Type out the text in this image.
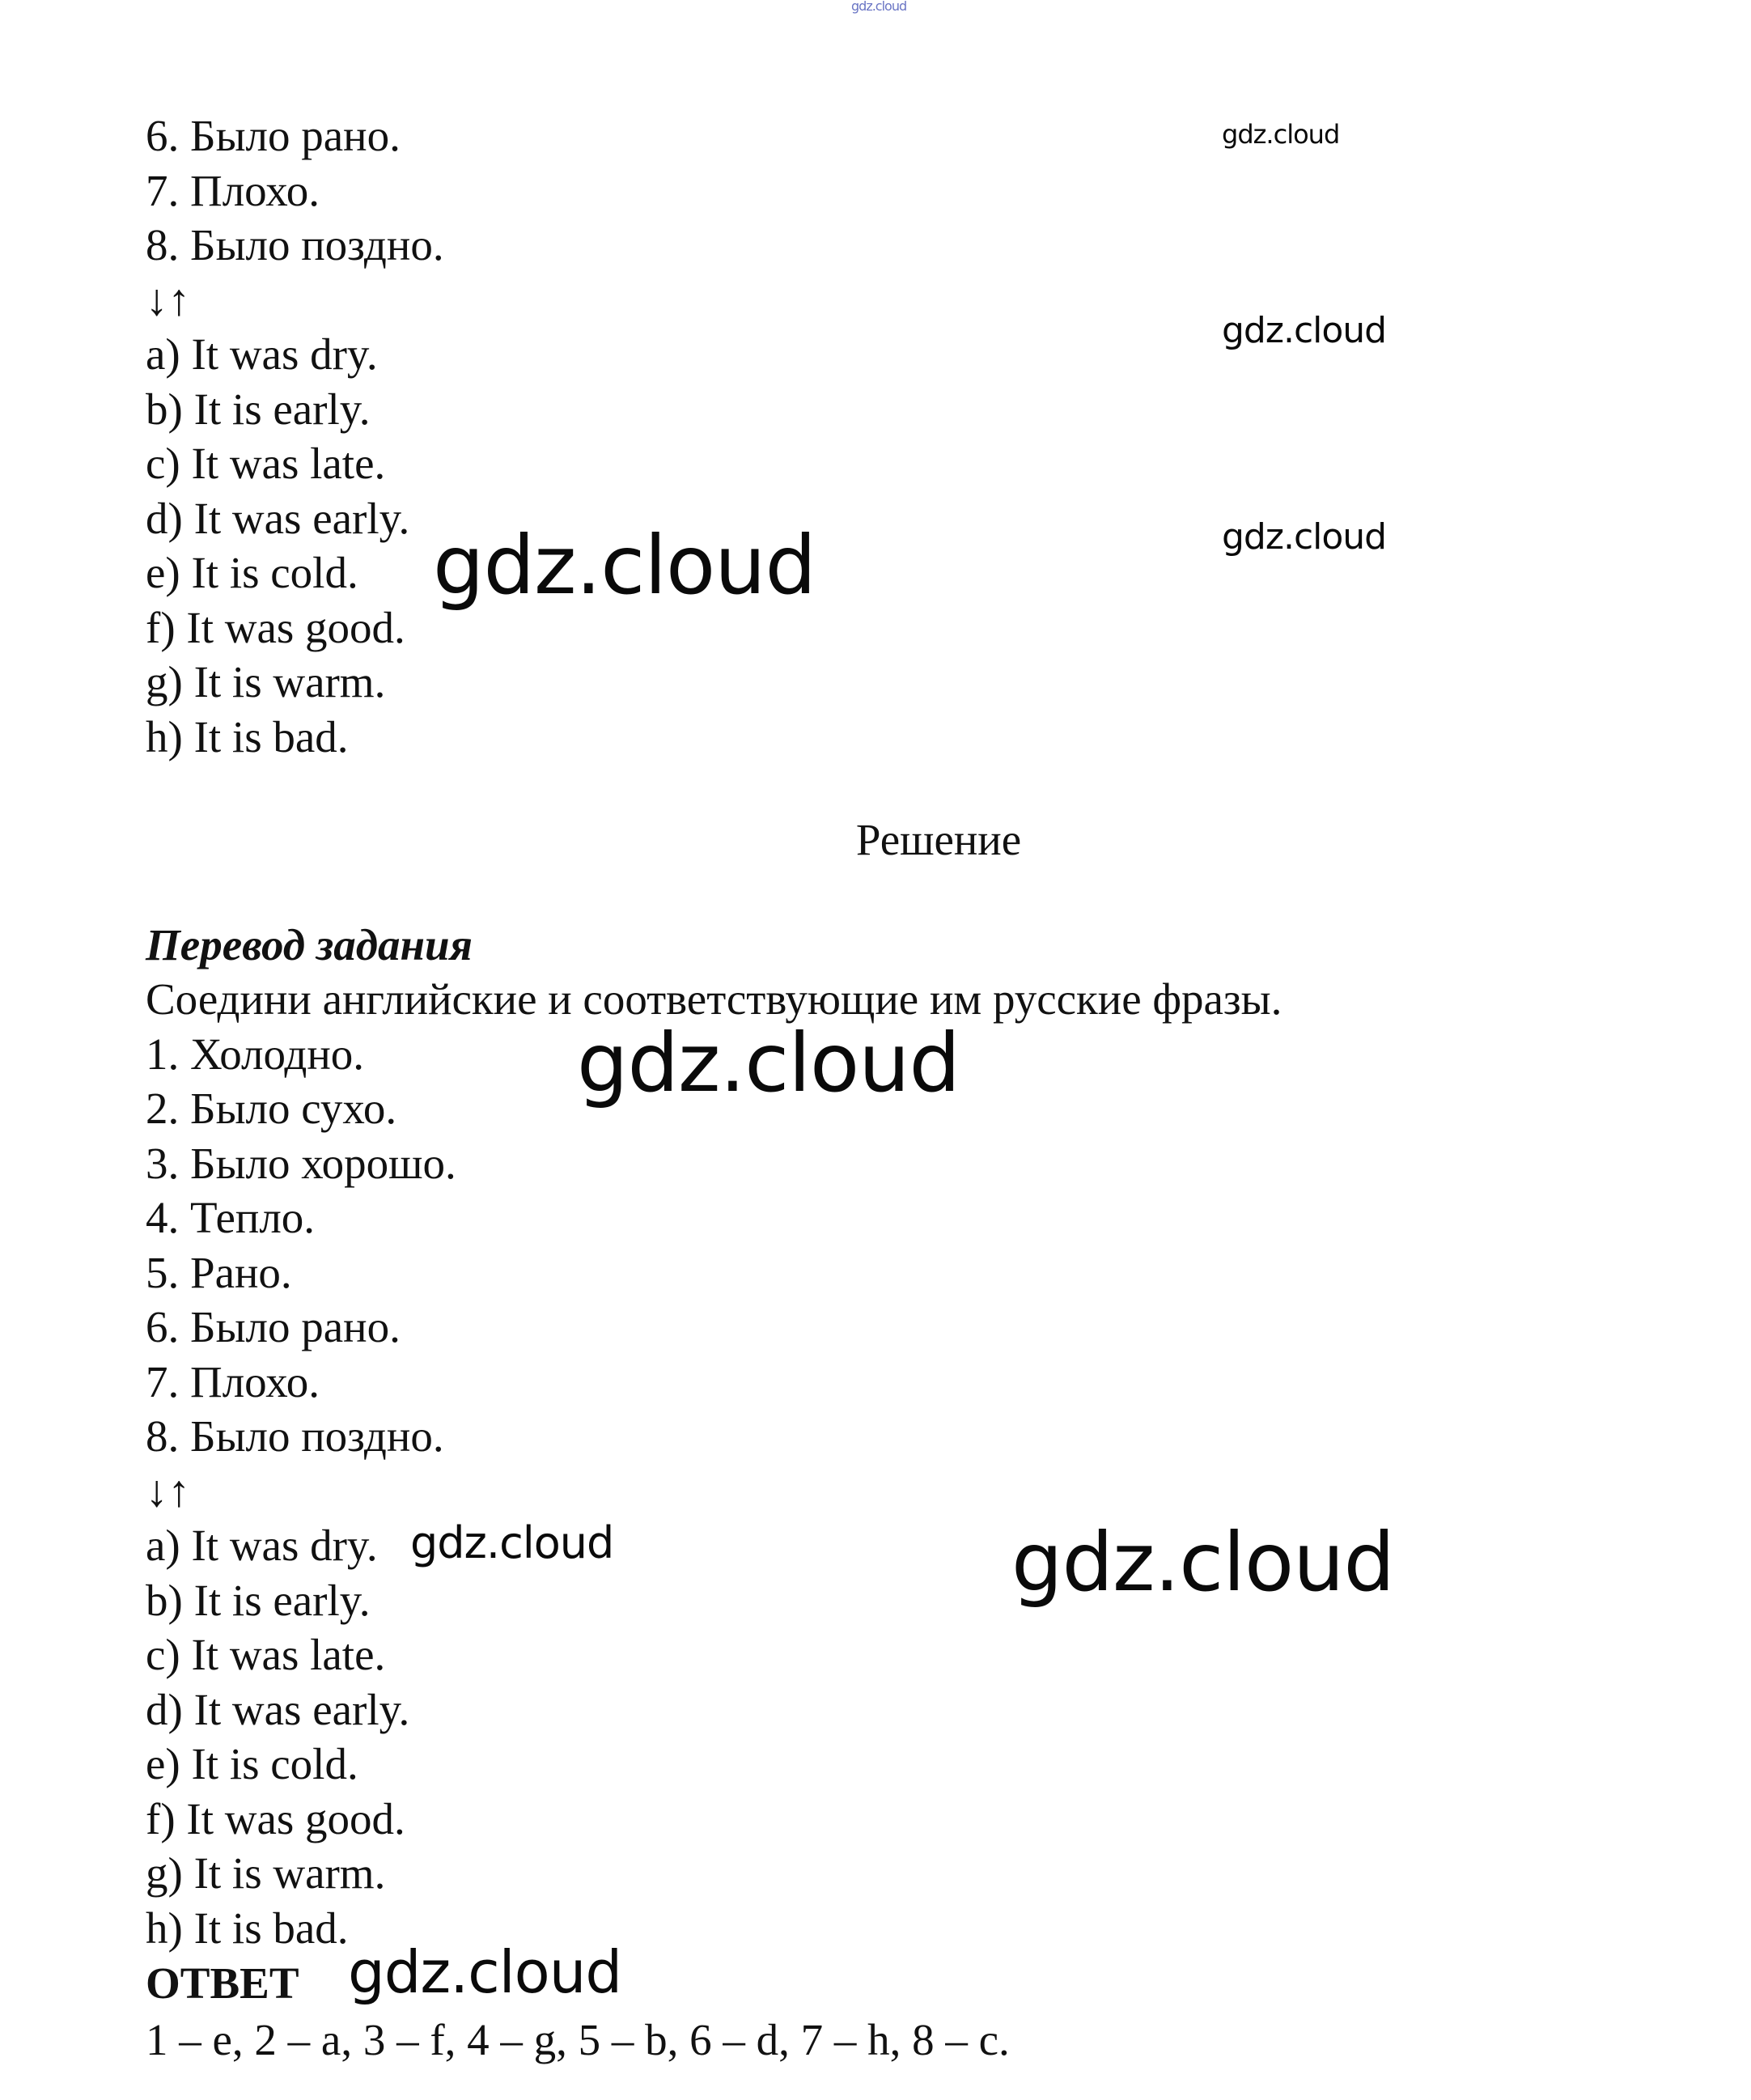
gdz.cloud
6. Было рано.
7. Плохо.
8. Было поздно.
↓↑
a) It was dry.
b) It is early.
c) It was late.
d) It was early.
e) It is cold.
f) It was good.
g) It is warm.
h) It is bad.
Решение
Перевод задания
Соедини английские и соответствующие им русские фразы.
1. Холодно.
2. Было сухо.
3. Было хорошо.
4. Тепло.
5. Рано.
6. Было рано.
7. Плохо.
8. Было поздно.
↓↑
a) It was dry.
b) It is early.
c) It was late.
d) It was early.
e) It is cold.
f) It was good.
g) It is warm.
h) It is bad.
ОТВЕТ
1 – e, 2 – a, 3 – f, 4 – g, 5 – b, 6 – d, 7 – h, 8 – c.
gdz.cloud
gdz.cloud
gdz.cloud
gdz.cloud
gdz.cloud
gdz.cloud	gdz.cloud
gdz.cloud
